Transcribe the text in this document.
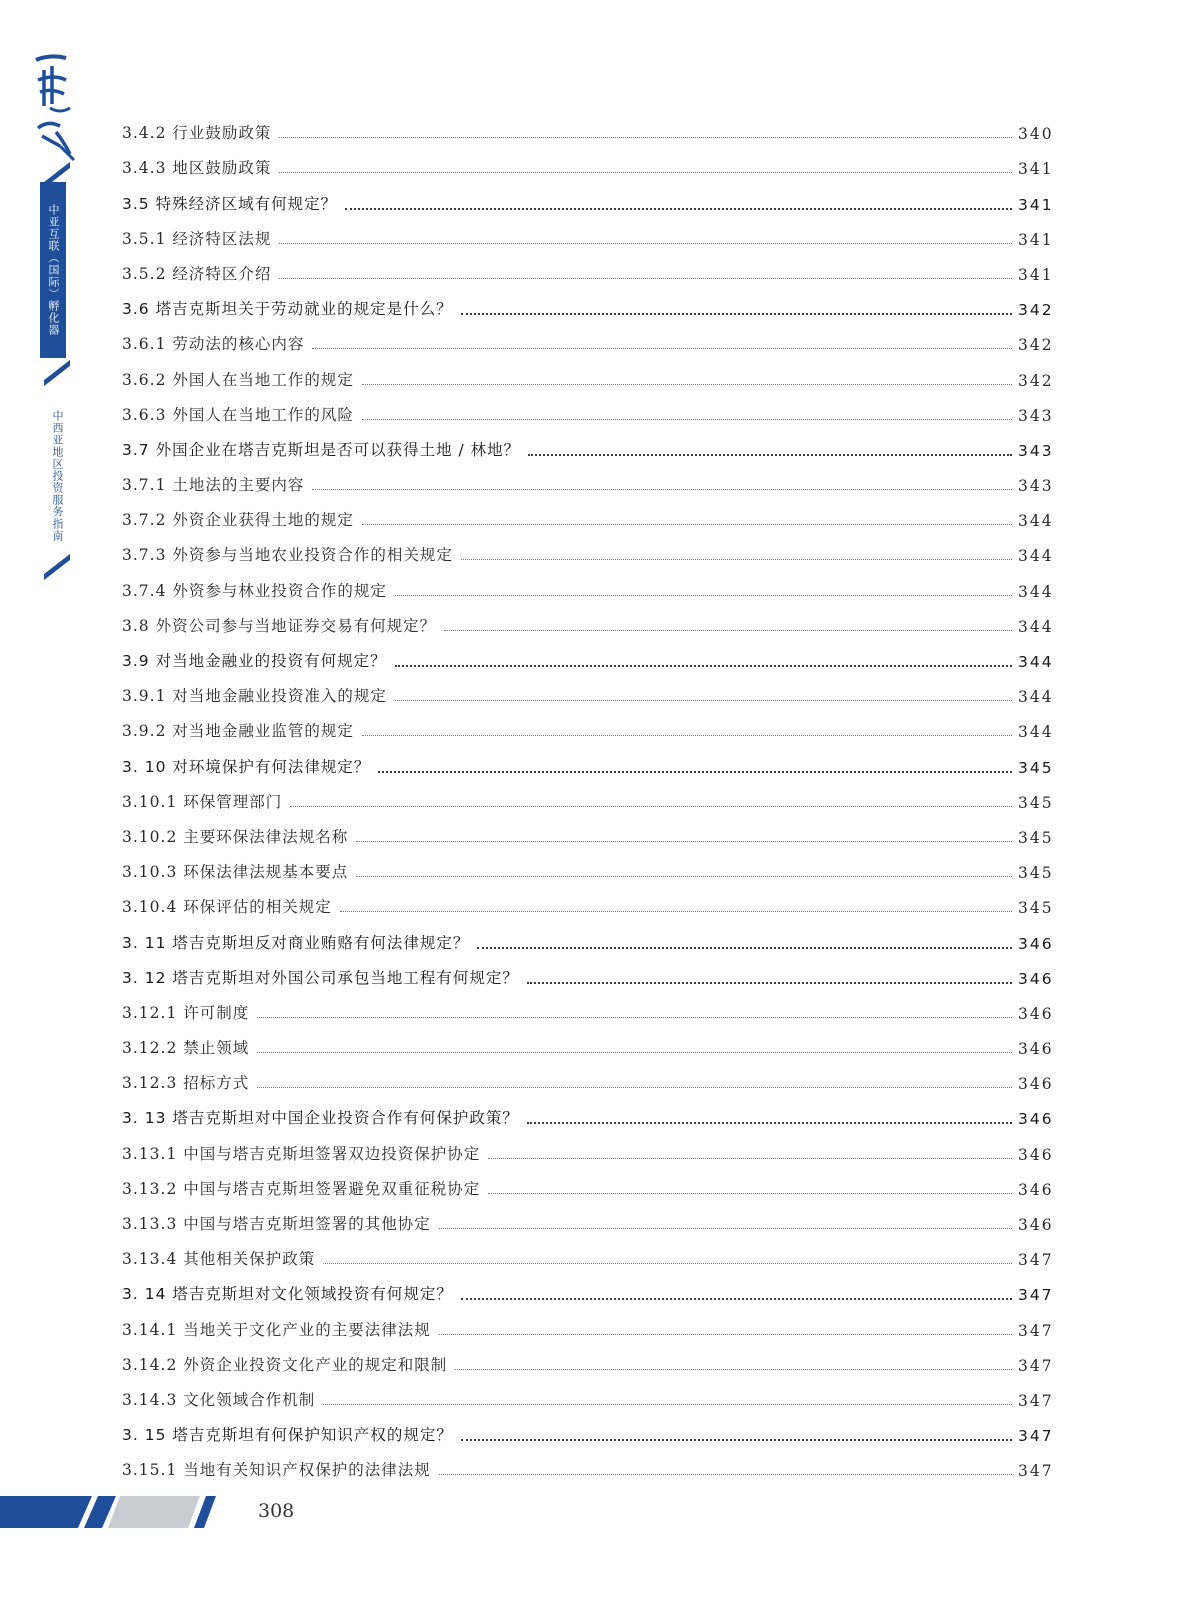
中亚互联（国际）孵化器
中西亚地区投资服务指南
3.4.2 行业鼓励政策	340
3.4.3 地区鼓励政策	341
3.5 特殊经济区域有何规定？	341
3.5.1 经济特区法规	341
3.5.2 经济特区介绍	341
3.6 塔吉克斯坦关于劳动就业的规定是什么？	342
3.6.1 劳动法的核心内容	342
3.6.2 外国人在当地工作的规定	342
3.6.3 外国人在当地工作的风险	343
3.7 外国企业在塔吉克斯坦是否可以获得土地 / 林地？	343
3.7.1 土地法的主要内容	343
3.7.2 外资企业获得土地的规定	344
3.7.3 外资参与当地农业投资合作的相关规定	344
3.7.4 外资参与林业投资合作的规定	344
3.8 外资公司参与当地证券交易有何规定？	344
3.9 对当地金融业的投资有何规定？	344
3.9.1 对当地金融业投资准入的规定	344
3.9.2 对当地金融业监管的规定	344
3. 10 对环境保护有何法律规定？	345
3.10.1 环保管理部门	345
3.10.2 主要环保法律法规名称	345
3.10.3 环保法律法规基本要点	345
3.10.4 环保评估的相关规定	345
3. 11 塔吉克斯坦反对商业贿赂有何法律规定？	346
3. 12 塔吉克斯坦对外国公司承包当地工程有何规定？	346
3.12.1 许可制度	346
3.12.2 禁止领域	346
3.12.3 招标方式	346
3. 13 塔吉克斯坦对中国企业投资合作有何保护政策？	346
3.13.1 中国与塔吉克斯坦签署双边投资保护协定	346
3.13.2 中国与塔吉克斯坦签署避免双重征税协定	346
3.13.3 中国与塔吉克斯坦签署的其他协定	346
3.13.4 其他相关保护政策	347
3. 14 塔吉克斯坦对文化领域投资有何规定？	347
3.14.1 当地关于文化产业的主要法律法规	347
3.14.2 外资企业投资文化产业的规定和限制	347
3.14.3 文化领域合作机制	347
3. 15 塔吉克斯坦有何保护知识产权的规定？	347
3.15.1 当地有关知识产权保护的法律法规	347
308
